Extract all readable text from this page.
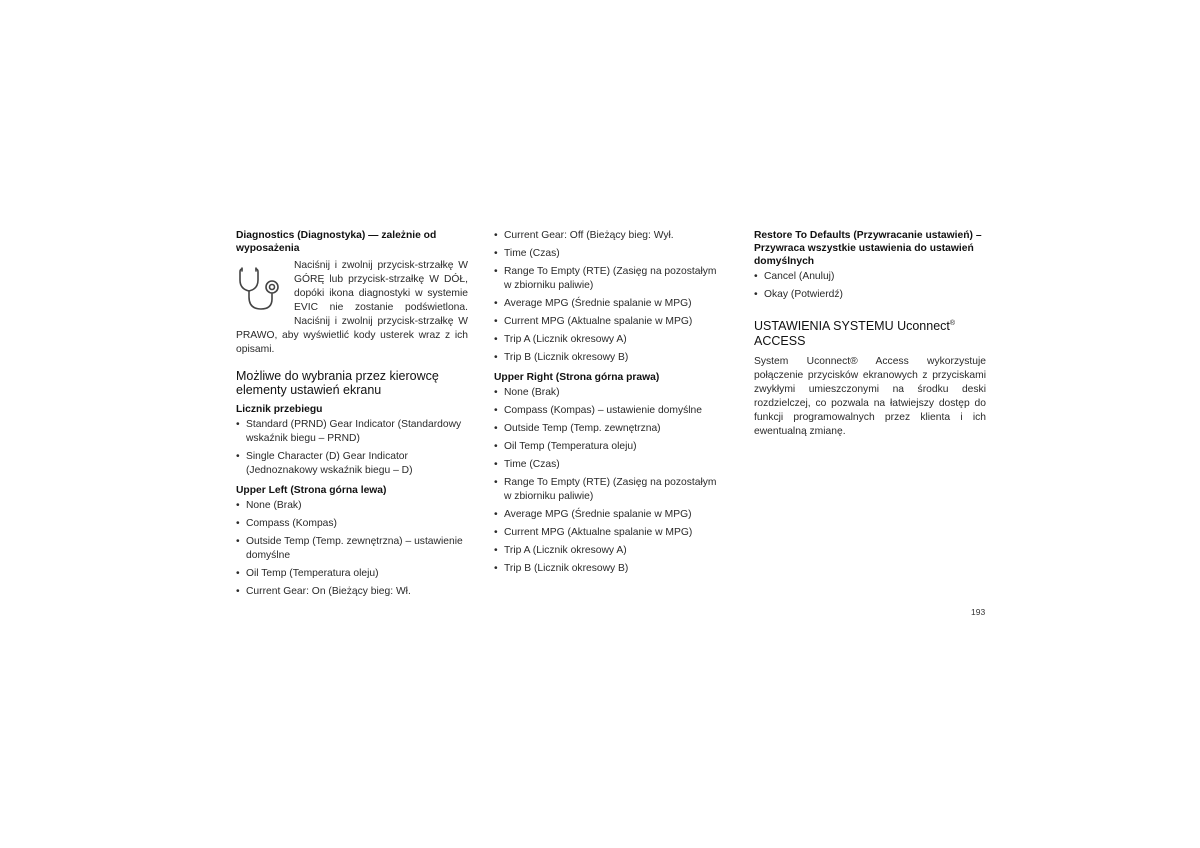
Diagnostics (Diagnostyka) — zależnie od wyposażenia

Naciśnij i zwolnij przycisk-strzałkę W GÓRĘ lub przycisk-strzałkę W DÓŁ, dopóki ikona diagnostyki w systemie EVIC nie zostanie podświetlona. Naciśnij i zwolnij przycisk-strzałkę W PRAWO, aby wyświetlić kody usterek wraz z ich opisami.

Możliwe do wybrania przez kierowcę elementy ustawień ekranu

Licznik przebiegu

• Standard (PRND) Gear Indicator (Standardowy wskaźnik biegu – PRND)
• Single Character (D) Gear Indicator (Jednoznakowy wskaźnik biegu – D)

Upper Left (Strona górna lewa)

• None (Brak)
• Compass (Kompas)
• Outside Temp (Temp. zewnętrzna) – ustawienie domyślne
• Oil Temp (Temperatura oleju)
• Current Gear: On (Bieżący bieg: Wł.
• Current Gear: Off (Bieżący bieg: Wył.
• Time (Czas)
• Range To Empty (RTE) (Zasięg na pozostałym w zbiorniku paliwie)
• Average MPG (Średnie spalanie w MPG)
• Current MPG (Aktualne spalanie w MPG)
• Trip A (Licznik okresowy A)
• Trip B (Licznik okresowy B)

Upper Right (Strona górna prawa)

• None (Brak)
• Compass (Kompas) – ustawienie domyślne
• Outside Temp (Temp. zewnętrzna)
• Oil Temp (Temperatura oleju)
• Time (Czas)
• Range To Empty (RTE) (Zasięg na pozostałym w zbiorniku paliwie)
• Average MPG (Średnie spalanie w MPG)
• Current MPG (Aktualne spalanie w MPG)
• Trip A (Licznik okresowy A)
• Trip B (Licznik okresowy B)

Restore To Defaults (Przywracanie ustawień) – Przywraca wszystkie ustawienia do ustawień domyślnych

• Cancel (Anuluj)
• Okay (Potwierdź)

USTAWIENIA SYSTEMU Uconnect®
ACCESS

System Uconnect® Access wykorzystuje połączenie przycisków ekranowych z przyciskami zwykłymi umieszczonymi na środku deski rozdzielczej, co pozwala na łatwiejszy dostęp do funkcji programowalnych przez klienta i ich ewentualną zmianę.

193
